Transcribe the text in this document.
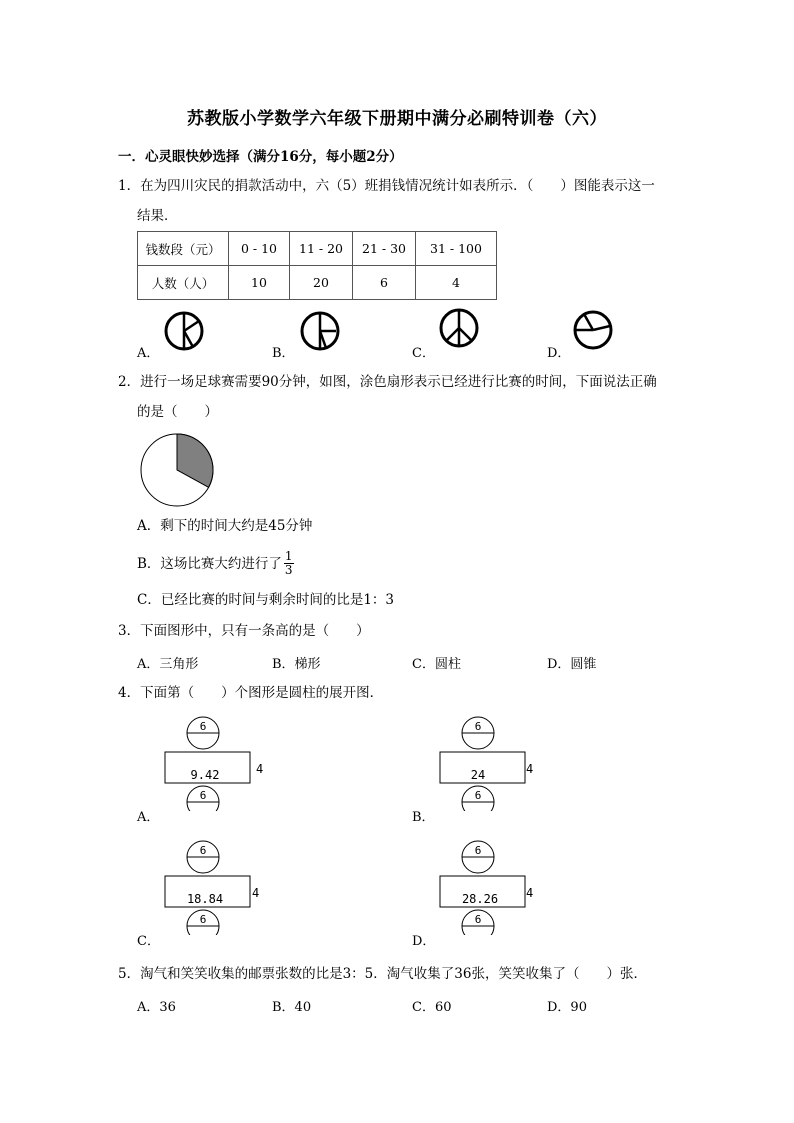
苏教版小学数学六年级下册期中满分必刷特训卷（六）
一．心灵眼快妙选择（满分16分，每小题2分）
1．在为四川灾民的捐款活动中，六（5）班捐钱情况统计如表所示．（　　）图能表示这一
结果．
钱数段（元）	0 - 10	11 - 20	21 - 30	31 - 100
人数（人）	10	20	6	4
A．	B．	C．	D．
2．进行一场足球赛需要90分钟，如图，涂色扇形表示已经进行比赛的时间，下面说法正确
的是（　　）
A．剩下的时间大约是45分钟
B．这场比赛大约进行了 $\frac{1}{3}$
C．已经比赛的时间与剩余时间的比是1：3
3．下面图形中，只有一条高的是（　　）
A．三角形	B．梯形	C．圆柱	D．圆锥
4．下面第（　　）个图形是圆柱的展开图．
6
9.42	4
6
A．
6
24	4
6
B．
6
18.84 4
6
C．
6
28.26 4
6
D．
5．淘气和笑笑收集的邮票张数的比是3：5．淘气收集了36张，笑笑收集了（　　）张．
A．36	B．40	C．60	D．90
